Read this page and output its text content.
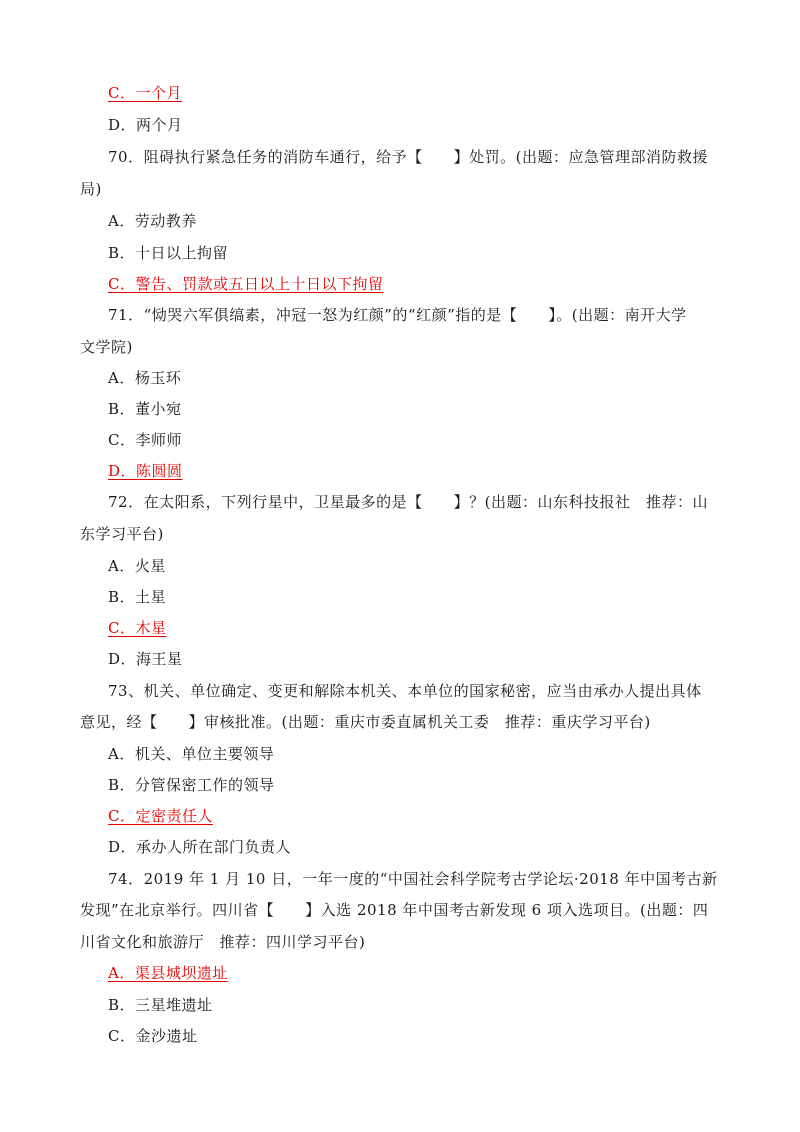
C．一个月
D．两个月
70．阻碍执行紧急任务的消防车通行，给予【　　】处罚。(出题：应急管理部消防救援
局)
A．劳动教养
B．十日以上拘留
C．警告、罚款或五日以上十日以下拘留
71．“恸哭六军俱缟素，冲冠一怒为红颜”的“红颜”指的是【　　】。(出题：南开大学
文学院)
A．杨玉环
B．董小宛
C．李师师
D．陈圆圆
72．在太阳系，下列行星中，卫星最多的是【　　】？(出题：山东科技报社　推荐：山
东学习平台)
A．火星
B．土星
C．木星
D．海王星
73、机关、单位确定、变更和解除本机关、本单位的国家秘密，应当由承办人提出具体
意见，经【　　】审核批准。(出题：重庆市委直属机关工委　推荐：重庆学习平台)
A．机关、单位主要领导
B．分管保密工作的领导
C．定密责任人
D．承办人所在部门负责人
74．2019 年 1 月 10 日，一年一度的“中国社会科学院考古学论坛·2018 年中国考古新
发现”在北京举行。四川省【　　】入选 2018 年中国考古新发现 6 项入选项目。(出题：四
川省文化和旅游厅　推荐：四川学习平台)
A．渠县城坝遗址
B．三星堆遗址
C．金沙遗址
